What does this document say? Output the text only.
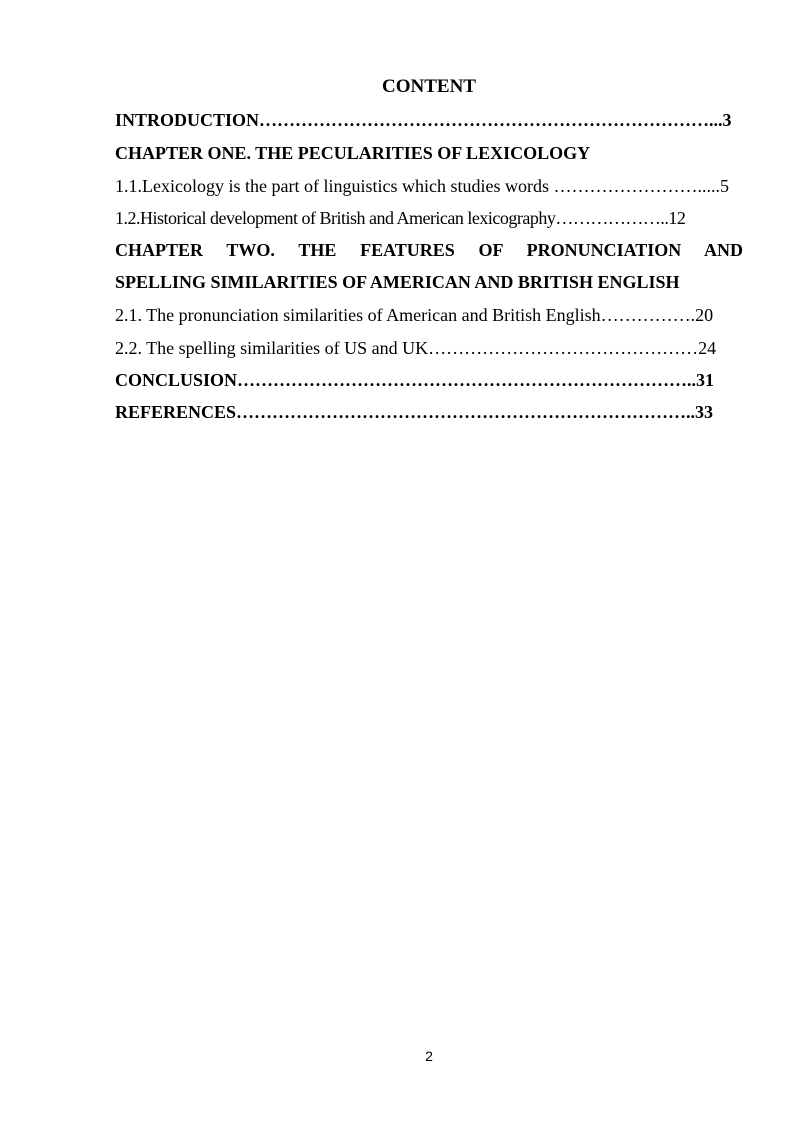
CONTENT
INTRODUCTION…………………………………………………………………...3
CHAPTER ONE. THE PECULARITIES OF LEXICOLOGY
1.1.Lexicology is the part of linguistics which studies words …………………….....5
1.2.Historical development of British and American lexicography………………..12
CHAPTER TWO. THE FEATURES OF PRONUNCIATION AND
SPELLING SIMILARITIES OF AMERICAN AND BRITISH ENGLISH
2.1. The pronunciation similarities of American and British English…………….20
2.2. The spelling similarities of US and UK………………………………………24
CONCLUSION…………………………………………………………………..31
REFERENCES…………………………………………………………………..33
2
